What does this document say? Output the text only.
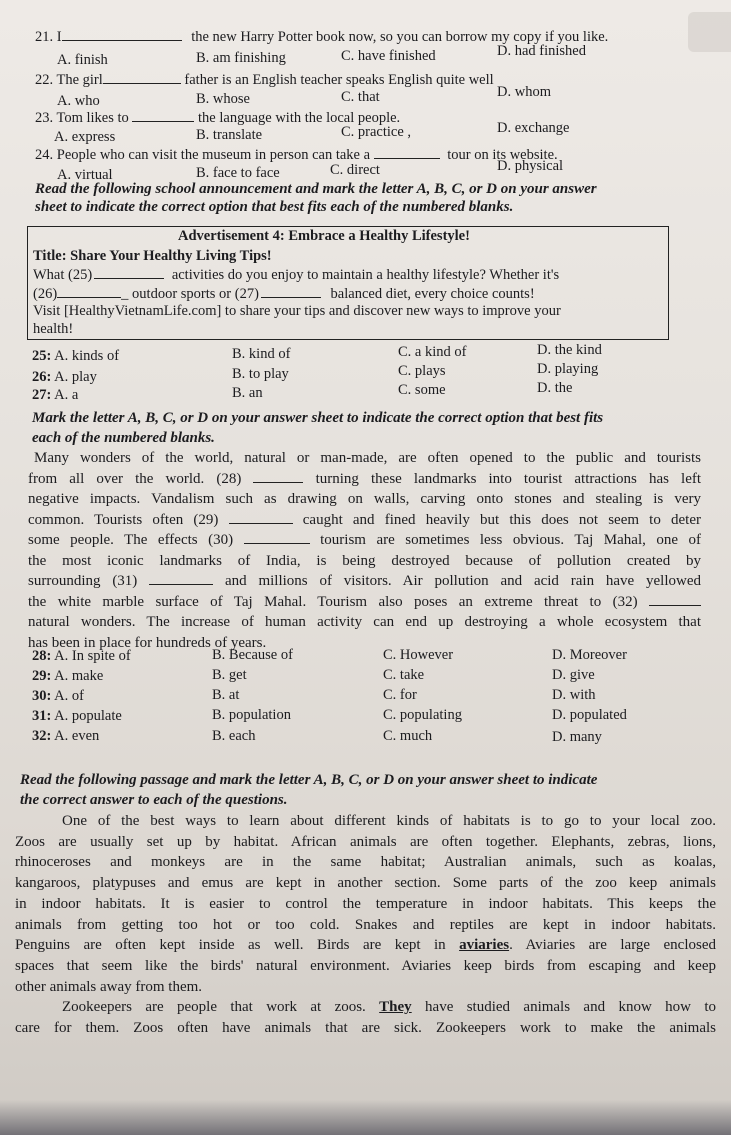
21. I	the new Harry Potter book now, so you can borrow my copy if you like.
A. finish	B. am finishing	C. have finished	D. had finished
22. The girl	father is an English teacher speaks English quite well
A. who	B. whose	C. that	D. whom
23. Tom likes to	the language with the local people.
A. express	B. translate	C. practice ,	D. exchange
24. People who can visit the museum in person can take a	tour on its website.
A. virtual	B. face to face	C. direct	D. physical
Read the following school announcement and mark the letter A, B, C, or D on your answer
sheet to indicate the correct option that best fits each of the numbered blanks.
Advertisement 4: Embrace a Healthy Lifestyle!
Title: Share Your Healthy Living Tips!
What (25)	activities do you enjoy to maintain a healthy lifestyle? Whether it's
(26)	_ outdoor sports or (27)	balanced diet, every choice counts!
Visit [HealthyVietnamLife.com] to share your tips and discover new ways to improve your
health!
25: A. kinds of	B. kind of	C. a kind of	D. the kind
26: A. play	B. to play	C. plays	D. playing
27: A. a	B. an	C. some	D. the
Mark the letter A, B, C, or D on your answer sheet to indicate the correct option that best fits
each of the numbered blanks.
Many wonders of the world, natural or man-made, are often opened to the public and tourists
from all over the world. (28)	turning these landmarks into tourist attractions has left
negative impacts. Vandalism such as drawing on walls, carving onto stones and stealing is very
common. Tourists often (29)	caught and fined heavily but this does not seem to deter
some people. The effects (30)	tourism are sometimes less obvious. Taj Mahal, one of
the most iconic landmarks of India, is being destroyed because of pollution created by
surrounding (31)	and millions of visitors. Air pollution and acid rain have yellowed
the white marble surface of Taj Mahal. Tourism also poses an extreme threat to (32)
natural wonders. The increase of human activity can end up destroying a whole ecosystem that
has been in place for hundreds of years.
28: A. In spite of	B. Because of	C. However	D. Moreover
29: A. make	B. get	C. take	D. give
30: A. of	B. at	C. for	D. with
31: A. populate	B. population	C. populating	D. populated
32: A. even	B. each	C. much	D. many
Read the following passage and mark the letter A, B, C, or D on your answer sheet to indicate
the correct answer to each of the questions.
One of the best ways to learn about different kinds of habitats is to go to your local zoo.
Zoos are usually set up by habitat. African animals are often together. Elephants, zebras, lions,
rhinoceroses and monkeys are in the same habitat; Australian animals, such as koalas,
kangaroos, platypuses and emus are kept in another section. Some parts of the zoo keep animals
in indoor habitats. It is easier to control the temperature in indoor habitats. This keeps the
animals from getting too hot or too cold. Snakes and reptiles are kept in indoor habitats.
Penguins are often kept inside as well. Birds are kept in aviaries. Aviaries are large enclosed
spaces that seem like the birds' natural environment. Aviaries keep birds from escaping and keep
other animals away from them.
Zookeepers are people that work at zoos. They have studied animals and know how to
care for them. Zoos often have animals that are sick. Zookeepers work to make the animals
